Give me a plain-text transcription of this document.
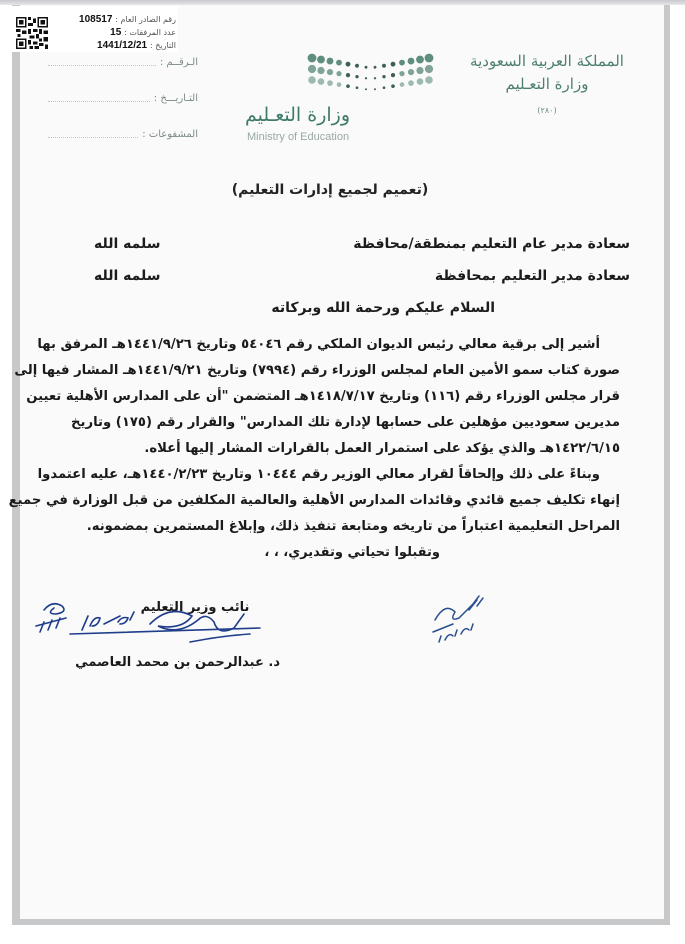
رقم الصادر العام : 108517
عدد المرفقات : 15
التاريخ : 1441/12/21
الـرقــم :
التـاريـــخ :
المشفوعات :
وزارة التعـليم
Ministry of Education
المملكة العربية السعودية
وزارة التعـليم
(٢٨٠)
(تعميم لجميع إدارات التعليم)
سعادة مدير عام التعليم بمنطقة/محافظة
سلمه الله
سعادة مدير التعليم بمحافظة
سلمه الله
السلام عليكم ورحمة الله وبركاته
أشير إلى برقية معالي رئيس الديوان الملكي رقم ٥٤٠٤٦ وتاريخ ١٤٤١/٩/٢٦هـ المرفق بها
صورة كتاب سمو الأمين العام لمجلس الوزراء رقم (٧٩٩٤) وتاريخ ١٤٤١/٩/٢١هـ المشار فيها إلى
قرار مجلس الوزراء رقم (١١٦) وتاريخ ١٤١٨/٧/١٧هـ المتضمن "أن على المدارس الأهلية تعيين
مديرين سعوديين مؤهلين على حسابها لإدارة تلك المدارس" والقرار رقم (١٧٥) وتاريخ
١٤٢٢/٦/١٥هـ والذي يؤكد على استمرار العمل بالقرارات المشار إليها أعلاه.
وبناءً على ذلك وإلحاقاً لقرار معالي الوزير رقم ١٠٤٤٤ وتاريخ ١٤٤٠/٢/٢٣هـ، عليه اعتمدوا
إنهاء تكليف جميع قائدي وقائدات المدارس الأهلية والعالمية المكلفين من قبل الوزارة في جميع
المراحل التعليمية اعتباراً من تاريخه ومتابعة تنفيذ ذلك، وإبلاغ المستمرين بمضمونه.
وتقبلوا تحياتي وتقديري، ، ،
نائب وزير التعليم
د. عبدالرحمن بن محمد العاصمي
